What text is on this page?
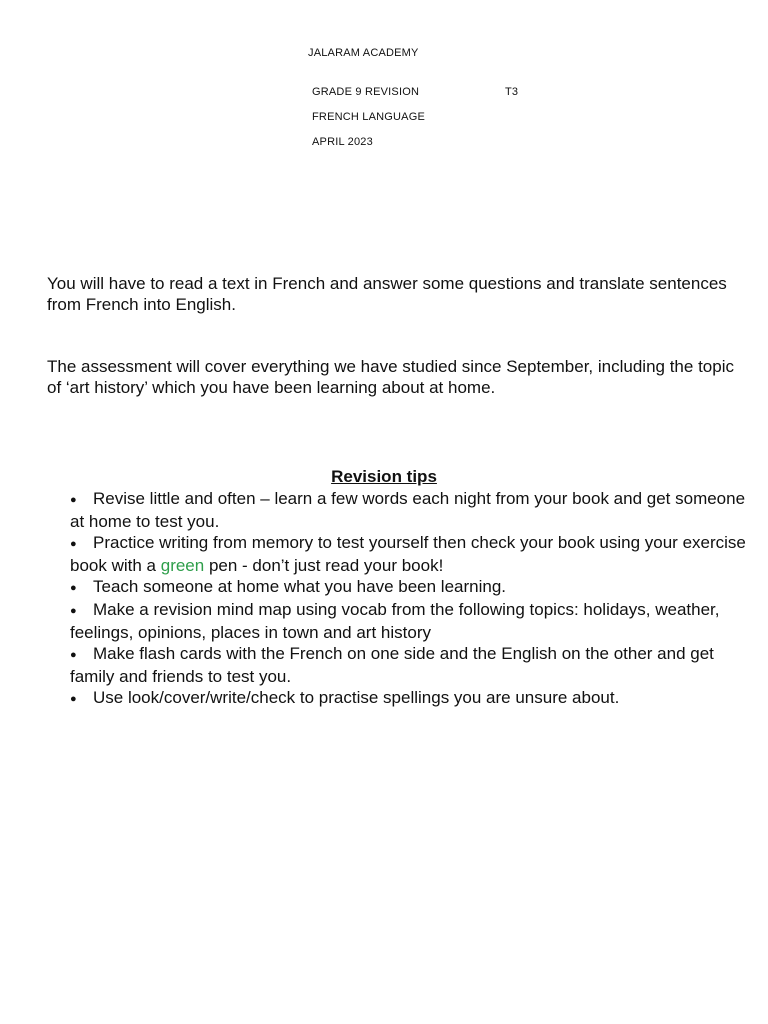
JALARAM ACADEMY
GRADE 9 REVISION	T3
FRENCH LANGUAGE
APRIL 2023

You will have to read a text in French and answer some questions and translate sentences from French into English.

The assessment will cover everything we have studied since September, including the topic of ‘art history’ which you have been learning about at home.

Revision tips
● Revise little and often – learn a few words each night from your book and get someone at home to test you.
● Practice writing from memory to test yourself then check your book using your exercise book with a green pen - don’t just read your book!
● Teach someone at home what you have been learning.
● Make a revision mind map using vocab from the following topics: holidays, weather, feelings, opinions, places in town and art history
● Make flash cards with the French on one side and the English on the other and get family and friends to test you.
● Use look/cover/write/check to practise spellings you are unsure about.
